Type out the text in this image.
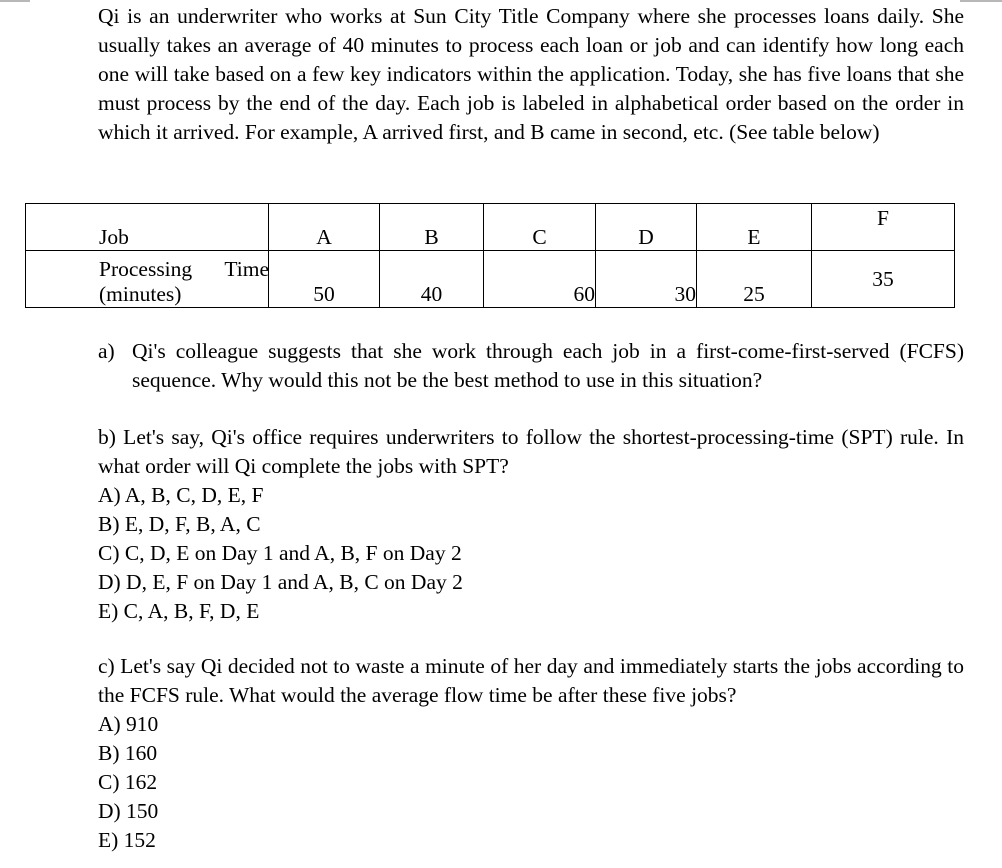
Qi is an underwriter who works at Sun City Title Company where she processes loans daily. She usually takes an average of 40 minutes to process each loan or job and can identify how long each one will take based on a few key indicators within the application. Today, she has five loans that she must process by the end of the day. Each job is labeled in alphabetical order based on the order in which it arrived. For example, A arrived first, and B came in second, etc. (See table below)

Job	A	B	C	D	E	F

Processing Time
(minutes)	50	40	60	30	25	35
a) Qi's colleague suggests that she work through each job in a first-come-first-served (FCFS) sequence. Why would this not be the best method to use in this situation?

b) Let's say, Qi's office requires underwriters to follow the shortest-processing-time (SPT) rule. In what order will Qi complete the jobs with SPT?

A) A, B, C, D, E, F
B) E, D, F, B, A, C
C) C, D, E on Day 1 and A, B, F on Day 2
D) D, E, F on Day 1 and A, B, C on Day 2
E) C, A, B, F, D, E

c) Let's say Qi decided not to waste a minute of her day and immediately starts the jobs according to the FCFS rule. What would the average flow time be after these five jobs?

A) 910
B) 160
C) 162
D) 150
E) 152
